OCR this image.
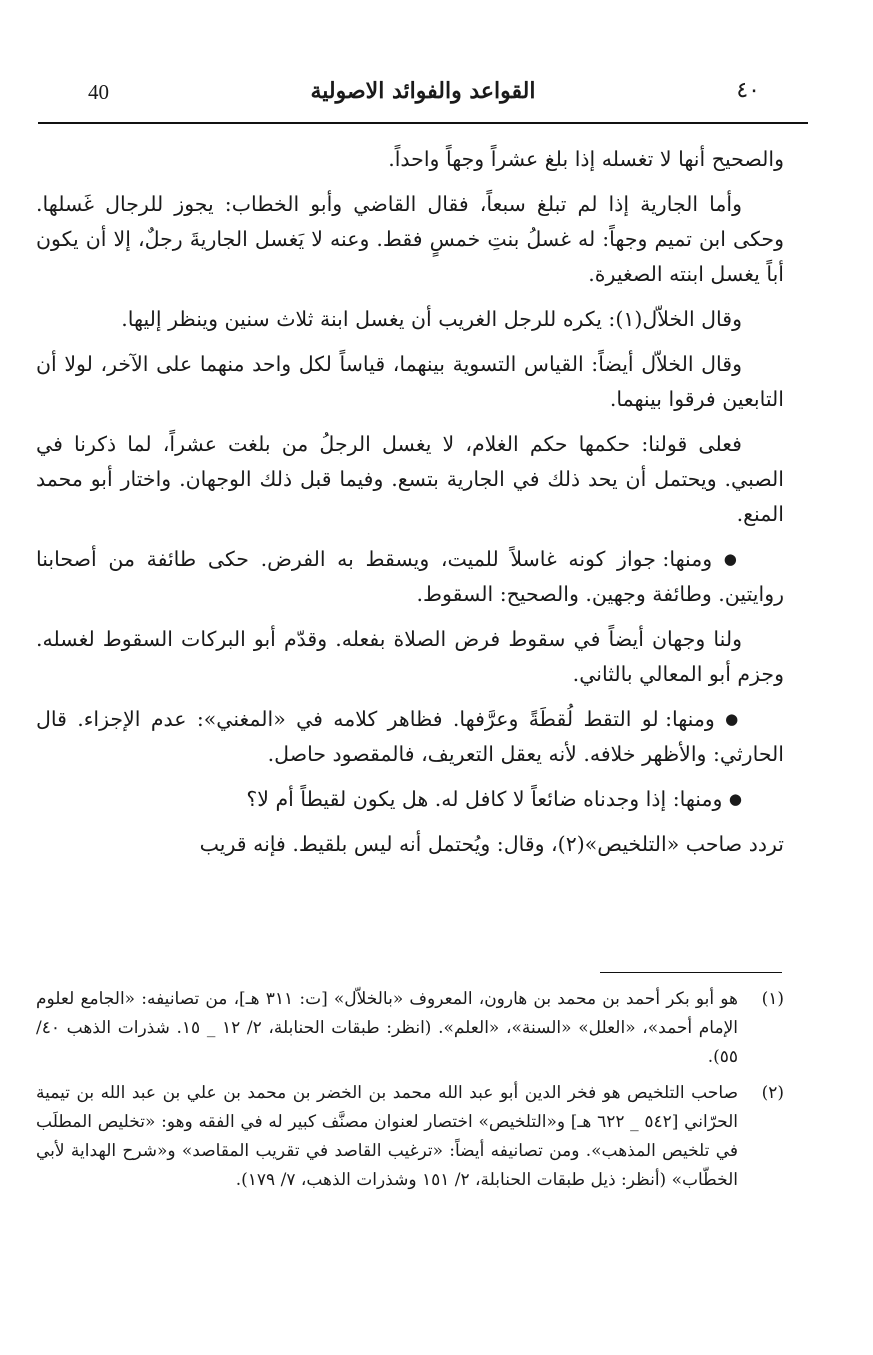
40	القواعد والفوائد الاصولية	٤٠

والصحيح أنها لا تغسله إذا بلغ عشراً وجهاً واحداً.

وأما الجارية إذا لم تبلغ سبعاً، فقال القاضي وأبو الخطاب: يجوز للرجال غَسلها. وحكى ابن تميم وجهاً: له غسلُ بنتِ خمسٍ فقط. وعنه لا يَغسل الجاريةَ رجلٌ، إلا أن يكون أباً يغسل ابنته الصغيرة.

وقال الخلاّل(١): يكره للرجل الغريب أن يغسل ابنة ثلاث سنين وينظر إليها.

وقال الخلاّل أيضاً: القياس التسوية بينهما، قياساً لكل واحد منهما على الآخر، لولا أن التابعين فرقوا بينهما.

فعلى قولنا: حكمها حكم الغلام، لا يغسل الرجلُ من بلغت عشراً، لما ذكرنا في الصبي. ويحتمل أن يحد ذلك في الجارية بتسع. وفيما قبل ذلك الوجهان. واختار أبو محمد المنع.

● ومنها: جواز كونه غاسلاً للميت، ويسقط به الفرض. حكى طائفة من أصحابنا روايتين. وطائفة وجهين. والصحيح: السقوط.

ولنا وجهان أيضاً في سقوط فرض الصلاة بفعله. وقدّم أبو البركات السقوط لغسله. وجزم أبو المعالي بالثاني.

● ومنها: لو التقط لُقطَةً وعرَّفها. فظاهر كلامه في «المغني»: عدم الإجزاء. قال الحارثي: والأظهر خلافه. لأنه يعقل التعريف، فالمقصود حاصل.

● ومنها: إذا وجدناه ضائعاً لا كافل له. هل يكون لقيطاً أم لا؟

تردد صاحب «التلخيص»(٢)، وقال: ويُحتمل أنه ليس بلقيط. فإنه قريب

(١)
هو أبو بكر أحمد بن محمد بن هارون، المعروف «بالخلاّل» [ت: ٣١١ هـ]، من تصانيفه: «الجامع لعلوم الإمام أحمد»، «العلل» «السنة»، «العلم». (انظر: طبقات الحنابلة، ٢/ ١٢ _ ١٥. شذرات الذهب ٤٠/ ٥٥).
(٢)
صاحب التلخيص هو فخر الدين أبو عبد الله محمد بن الخضر بن محمد بن علي بن عبد الله بن تيمية الحرّاني [٥٤٢ _ ٦٢٢ هـ] و«التلخيص» اختصار لعنوان مصنَّف كبير له في الفقه وهو: «تخليص المطلَب في تلخيص المذهب». ومن تصانيفه أيضاً: «ترغيب القاصد في تقريب المقاصد» و«شرح الهداية لأبي الخطّاب» (أنظر: ذيل طبقات الحنابلة، ٢/ ١٥١ وشذرات الذهب، ٧/ ١٧٩).
